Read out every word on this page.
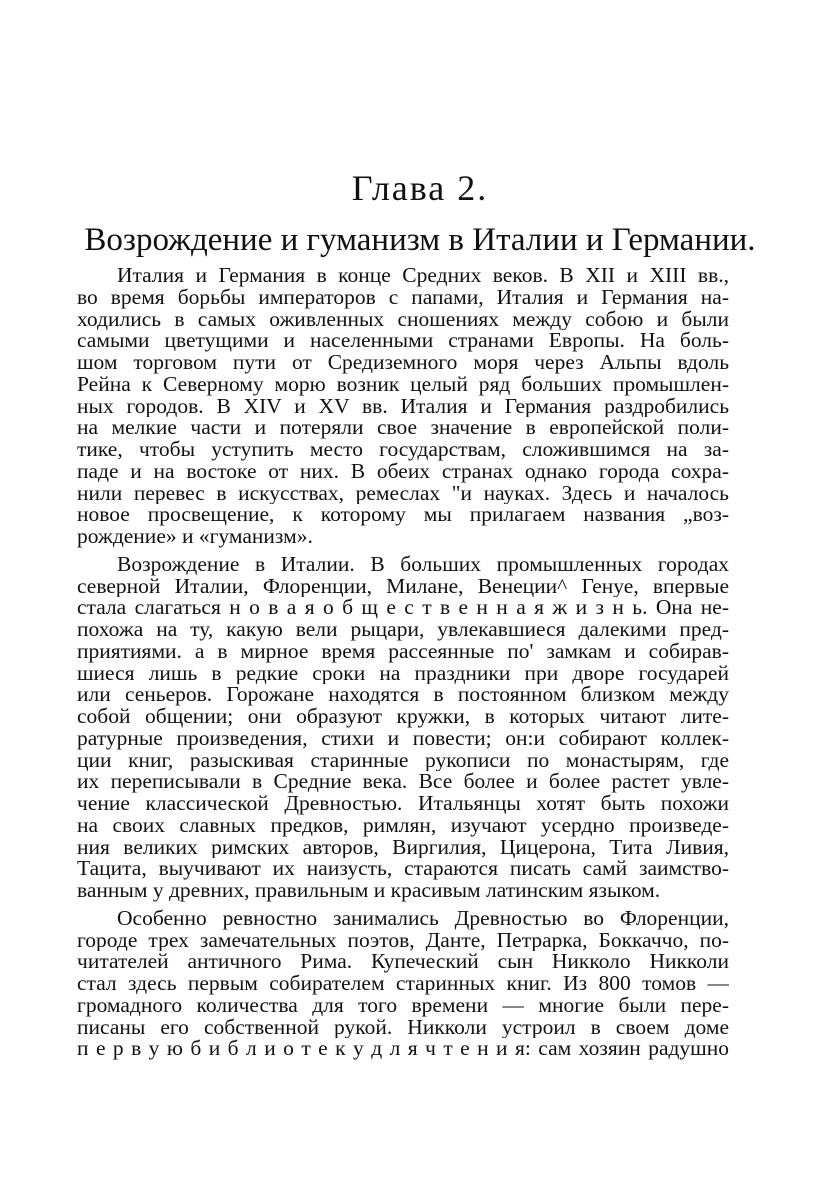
Глава 2.
Возрождение и гуманизм в Италии и Германии.
Италия и Германия в конце Средних веков. В XII и XIII вв.,
во время борьбы императоров с папами, Италия и Германия на-
ходились в самых оживленных сношениях между собою и были
самыми цветущими и населенными странами Европы. На боль-
шом торговом пути от Средиземного моря через Альпы вдоль
Рейна к Северному морю возник целый ряд больших промышлен-
ных городов. В XIV и XV вв. Италия и Германия раздробились
на мелкие части и потеряли свое значение в европейской поли-
тике, чтобы уступить место государствам, сложившимся на за-
паде и на востоке от них. В обеих странах однако города сохра-
нили перевес в искусствах, ремеслах "и науках. Здесь и началось
новое просвещение, к которому мы прилагаем названия „воз-
рождение» и «гуманизм».
Возрождение в Италии. В больших промышленных городах
северной Италии, Флоренции, Милане, Венеции^ Генуе, впервые
стала слагаться н о в а я о б щ е с т в е н н а я ж и з н ь. Она не-
похожа на ту, какую вели рыцари, увлекавшиеся далекими пред-
приятиями. а в мирное время рассеянные по' замкам и собирав-
шиеся лишь в редкие сроки на праздники при дворе государей
или сеньеров. Горожане находятся в постоянном близком между
собой общении; они образуют кружки, в которых читают лите-
ратурные произведения, стихи и повести; он:и собирают коллек-
ции книг, разыскивая старинные рукописи по монастырям, где
их переписывали в Средние века. Все более и более растет увле-
чение классической Древностью. Итальянцы хотят быть похожи
на своих славных предков, римлян, изучают усердно произведе-
ния великих римских авторов, Виргилия, Цицерона, Тита Ливия,
Тацита, выучивают их наизусть, стараются писать самй заимство-
ванным у древних, правильным и красивым латинским языком.
Особенно ревностно занимались Древностью во Флоренции,
городе трех замечательных поэтов, Данте, Петрарка, Боккаччо, по-
читателей античного Рима. Купеческий сын Никколо Никколи
стал здесь первым собирателем старинных книг. Из 800 томов —
громадного количества для того времени — многие были пере-
писаны его собственной рукой. Никколи устроил в своем доме
п е р в у ю б и б л и о т е к у д л я ч т е н и я: сам хозяин радушно
